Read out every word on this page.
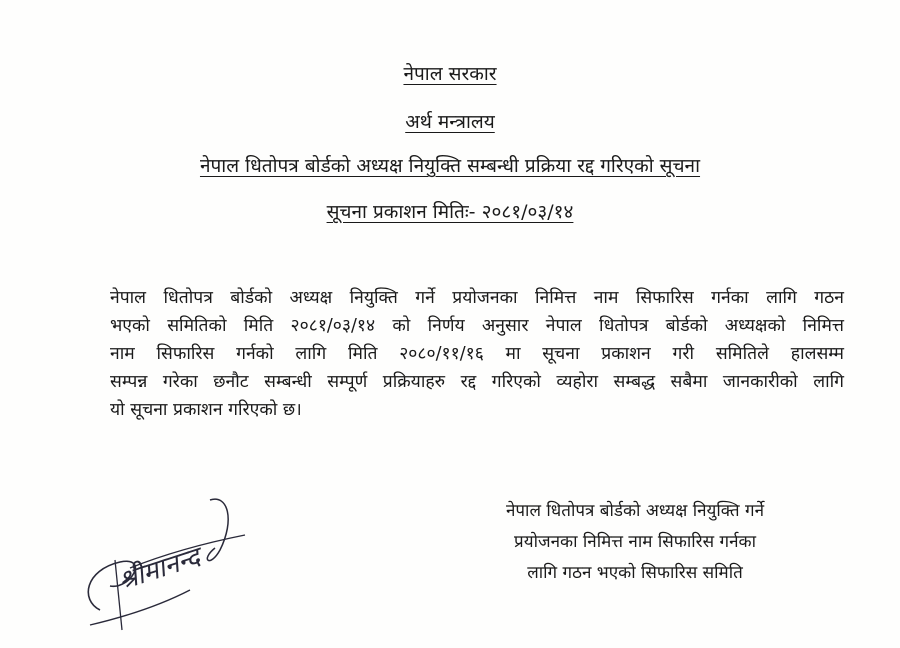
नेपाल सरकार
अर्थ मन्त्रालय
नेपाल धितोपत्र बोर्डको अध्यक्ष नियुक्ति सम्बन्धी प्रक्रिया रद्द गरिएको सूचना
सूचना प्रकाशन मितिः- २०८१/०३/१४
नेपाल धितोपत्र बोर्डको अध्यक्ष नियुक्ति गर्ने प्रयोजनका निमित्त नाम सिफारिस गर्नका लागि गठन
भएको समितिको मिति २०८१/०३/१४ को निर्णय अनुसार नेपाल धितोपत्र बोर्डको अध्यक्षको निमित्त
नाम सिफारिस गर्नको लागि मिति २०८०/११/१६ मा सूचना प्रकाशन गरी समितिले हालसम्म
सम्पन्न गरेका छनौट सम्बन्धी सम्पूर्ण प्रक्रियाहरु रद्द गरिएको व्यहोरा सम्बद्ध सबैमा जानकारीको लागि
यो सूचना प्रकाशन गरिएको छ।
श्रीमानन्द
नेपाल धितोपत्र बोर्डको अध्यक्ष नियुक्ति गर्ने
प्रयोजनका निमित्त नाम सिफारिस गर्नका
लागि गठन भएको सिफारिस समिति
